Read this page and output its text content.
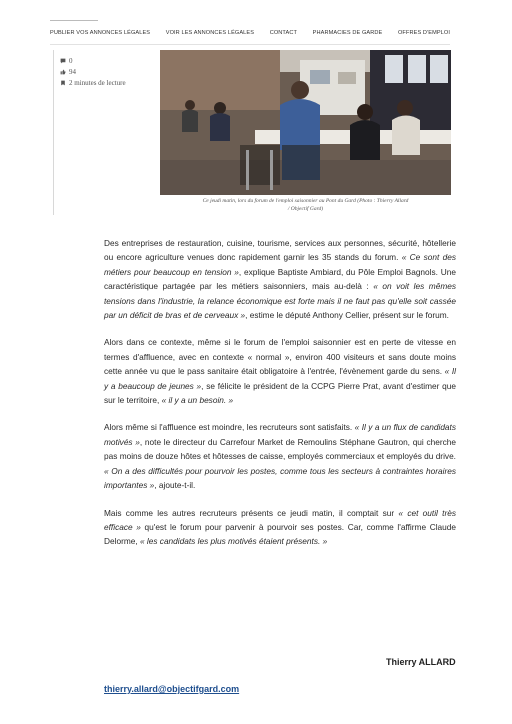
PUBLIER VOS ANNONCES LÉGALES	VOIR LES ANNONCES LÉGALES	CONTACT	PHARMACIES DE GARDE	OFFRES D'EMPLOI
0
94
2 minutes de lecture
Ce jeudi matin, lors du forum de l'emploi saisonnier au Pont du Gard (Photo : Thierry Allard
/ Objectif Gard)

Des entreprises de restauration, cuisine, tourisme, services aux personnes, sécurité, hôtellerie ou encore agriculture venues donc rapidement garnir les 35 stands du forum. « Ce sont des métiers pour beaucoup en tension », explique Baptiste Ambiard, du Pôle Emploi Bagnols. Une caractéristique partagée par les métiers saisonniers, mais au-delà : « on voit les mêmes tensions dans l'industrie, la relance économique est forte mais il ne faut pas qu'elle soit cassée par un déficit de bras et de cerveaux », estime le député Anthony Cellier, présent sur le forum.

Alors dans ce contexte, même si le forum de l'emploi saisonnier est en perte de vitesse en termes d'affluence, avec en contexte « normal », environ 400 visiteurs et sans doute moins cette année vu que le pass sanitaire était obligatoire à l'entrée, l'évènement garde du sens. « Il y a beaucoup de jeunes », se félicite le président de la CCPG Pierre Prat, avant d'estimer que sur le territoire, « il y a un besoin. »

Alors même si l'affluence est moindre, les recruteurs sont satisfaits. « Il y a un flux de candidats motivés », note le directeur du Carrefour Market de Remoulins Stéphane Gautron, qui cherche pas moins de douze hôtes et hôtesses de caisse, employés commerciaux et employés du drive. « On a des difficultés pour pourvoir les postes, comme tous les secteurs à contraintes horaires importantes », ajoute-t-il.

Mais comme les autres recruteurs présents ce jeudi matin, il comptait sur « cet outil très efficace » qu'est le forum pour parvenir à pourvoir ses postes. Car, comme l'affirme Claude Delorme, « les candidats les plus motivés étaient présents. »

Thierry ALLARD
thierry.allard@objectifgard.com
